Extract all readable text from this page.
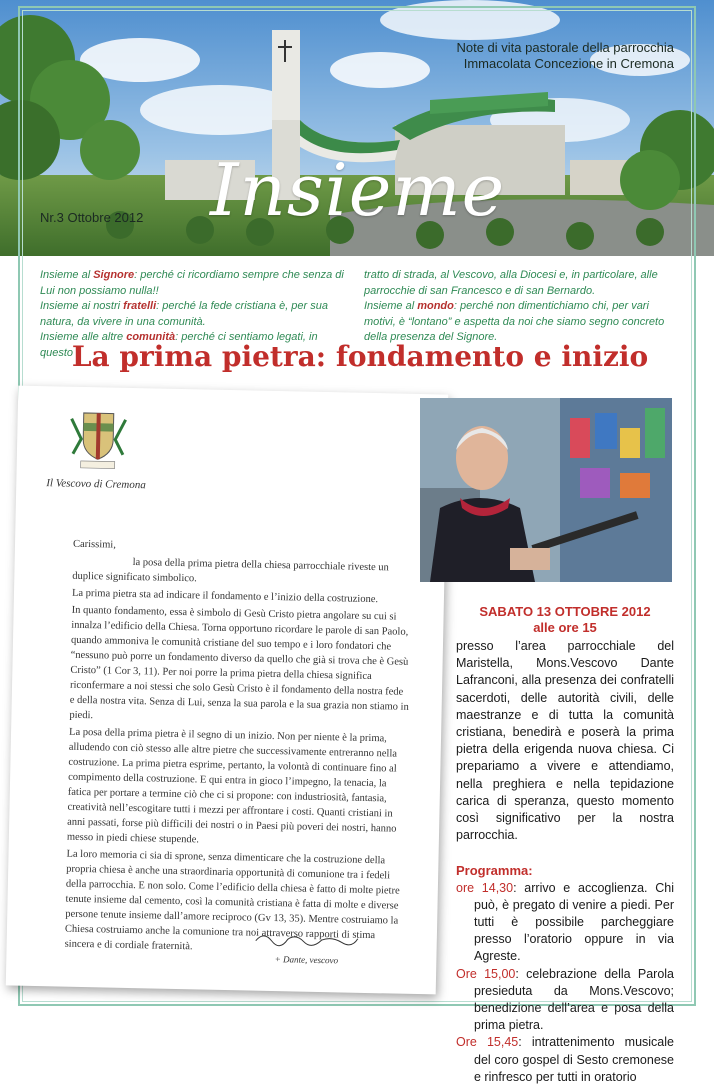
Note di vita pastorale della parrocchia
Immacolata Concezione in Cremona
Nr.3 Ottobre 2012 Insieme
Insieme al Signore: perché ci ricordiamo sempre che senza di Lui non possiamo nulla!!
Insieme ai nostri fratelli: perché la fede cristiana è, per sua natura, da vivere in una comunità.
Insieme alle altre comunità: perché ci sentiamo legati, in questo
tratto di strada, al Vescovo, alla Diocesi e, in particolare, alle parrocchie di san Francesco e di san Bernardo.
Insieme al mondo: perché non dimentichiamo chi, per vari motivi, è “lontano” e aspetta da noi che siamo segno concreto della presenza del Signore.
La prima pietra: fondamento e inizio
Il Vescovo di Cremona

Carissimi,

la posa della prima pietra della chiesa parrocchiale riveste un duplice significato simbolico.

La prima pietra sta ad indicare il fondamento e l’inizio della costruzione.

In quanto fondamento, essa è simbolo di Gesù Cristo pietra angolare su cui si innalza l’edificio della Chiesa. Torna opportuno ricordare le parole di san Paolo, quando ammoniva le comunità cristiane del suo tempo e i loro fondatori che “nessuno può porre un fondamento diverso da quello che già si trova che è Gesù Cristo” (1 Cor 3, 11). Per noi porre la prima pietra della chiesa significa riconfermare a noi stessi che solo Gesù Cristo è il fondamento della nostra fede e della nostra vita. Senza di Lui, senza la sua parola e la sua grazia non stiamo in piedi.

La posa della prima pietra è il segno di un inizio. Non per niente è la prima, alludendo con ciò stesso alle altre pietre che successivamente entreranno nella costruzione. La prima pietra esprime, pertanto, la volontà di continuare fino al compimento della costruzione. E qui entra in gioco l’impegno, la tenacia, la fatica per portare a termine ciò che ci si propone: con industriosità, fantasia, creatività nell’escogitare tutti i mezzi per affrontare i costi. Quanti cristiani in anni passati, forse più difficili dei nostri o in Paesi più poveri dei nostri, hanno messo in piedi chiese stupende.

La loro memoria ci sia di sprone, senza dimenticare che la costruzione della propria chiesa è anche una straordinaria opportunità di comunione tra i fedeli della parrocchia. E non solo. Come l’edificio della chiesa è fatto di molte pietre tenute insieme dal cemento, così la comunità cristiana è fatta di molte e diverse persone tenute insieme dall’amore reciproco (Gv 13, 35). Mentre costruiamo la Chiesa costruiamo anche la comunione tra noi attraverso rapporti di stima sincera e di cordiale fraternità.

+ Dante, vescovo
SABATO 13 OTTOBRE 2012
alle ore 15
presso l’area parrocchiale del Maristella, Mons.Vescovo Dante Lafranconi, alla presenza dei confratelli sacerdoti, delle autorità civili, delle maestranze e di tutta la comunità cristiana, benedirà e poserà la prima pietra della erigenda nuova chiesa. Ci prepariamo a vivere e attendiamo, nella preghiera e nella tepidazione carica di speranza, questo momento così significativo per la nostra parrocchia.
Programma:
ore 14,30: arrivo e accoglienza. Chi può, è pregato di venire a piedi. Per tutti è possibile parcheggiare presso l’oratorio oppure in via Agreste.
Ore 15,00: celebrazione della Parola presieduta da Mons.Vescovo; benedizione dell’area e posa della prima pietra.
Ore 15,45: intrattenimento musicale del coro gospel di Sesto cremonese e rinfresco per tutti in oratorio
